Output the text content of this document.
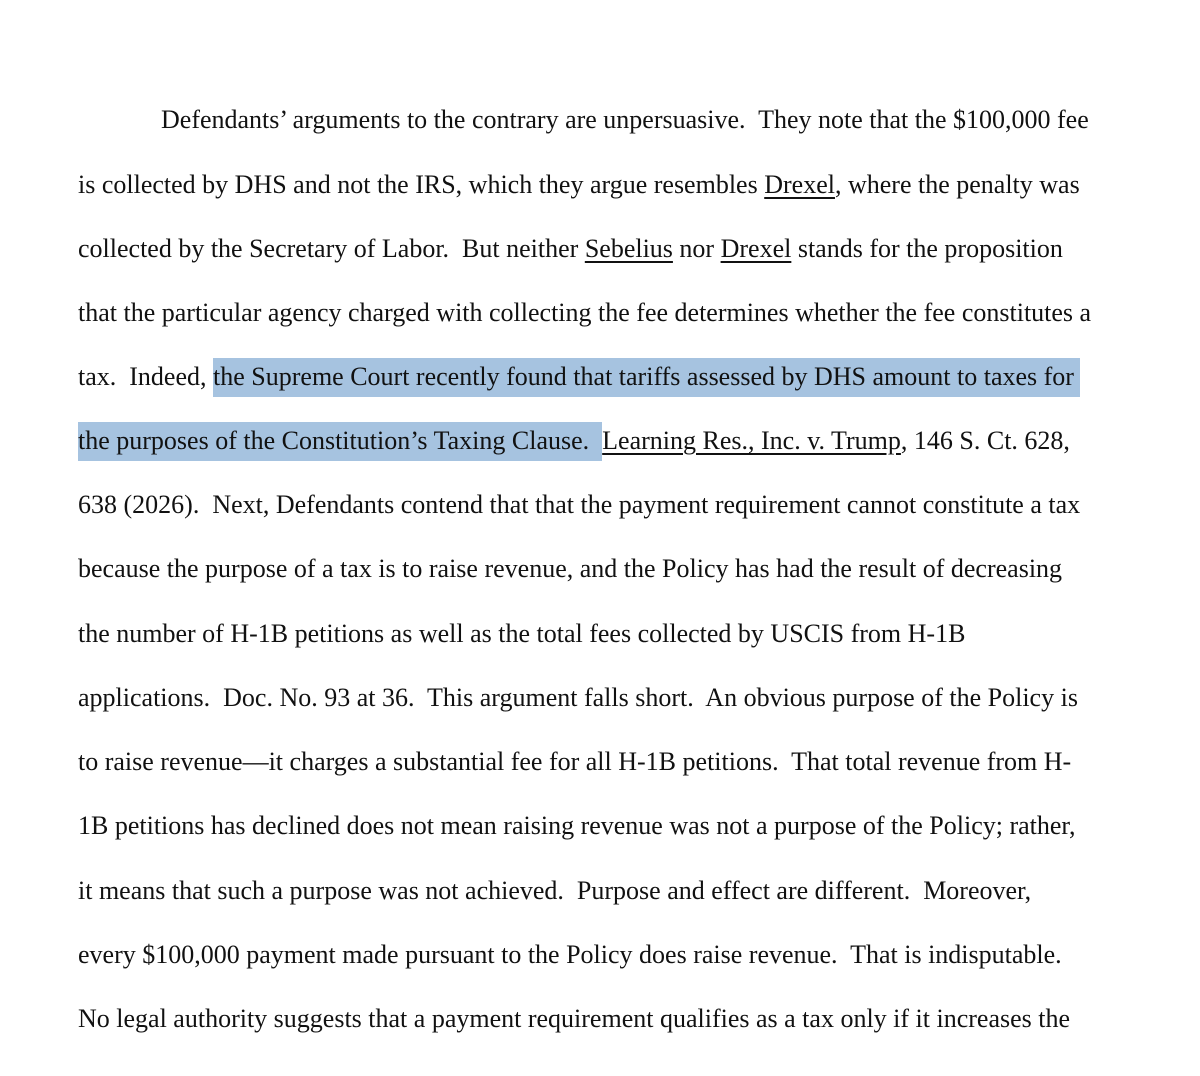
Defendants’ arguments to the contrary are unpersuasive.  They note that the $100,000 fee

is collected by DHS and not the IRS, which they argue resembles Drexel, where the penalty was

collected by the Secretary of Labor.  But neither Sebelius nor Drexel stands for the proposition

that the particular agency charged with collecting the fee determines whether the fee constitutes a

tax.  Indeed, the Supreme Court recently found that tariffs assessed by DHS amount to taxes for

the purposes of the Constitution’s Taxing Clause.  Learning Res., Inc. v. Trump, 146 S. Ct. 628,

638 (2026).  Next, Defendants contend that that the payment requirement cannot constitute a tax

because the purpose of a tax is to raise revenue, and the Policy has had the result of decreasing

the number of H-1B petitions as well as the total fees collected by USCIS from H-1B

applications.  Doc. No. 93 at 36.  This argument falls short.  An obvious purpose of the Policy is

to raise revenue—it charges a substantial fee for all H-1B petitions.  That total revenue from H-

1B petitions has declined does not mean raising revenue was not a purpose of the Policy; rather,

it means that such a purpose was not achieved.  Purpose and effect are different.  Moreover,

every $100,000 payment made pursuant to the Policy does raise revenue.  That is indisputable.

No legal authority suggests that a payment requirement qualifies as a tax only if it increases the
